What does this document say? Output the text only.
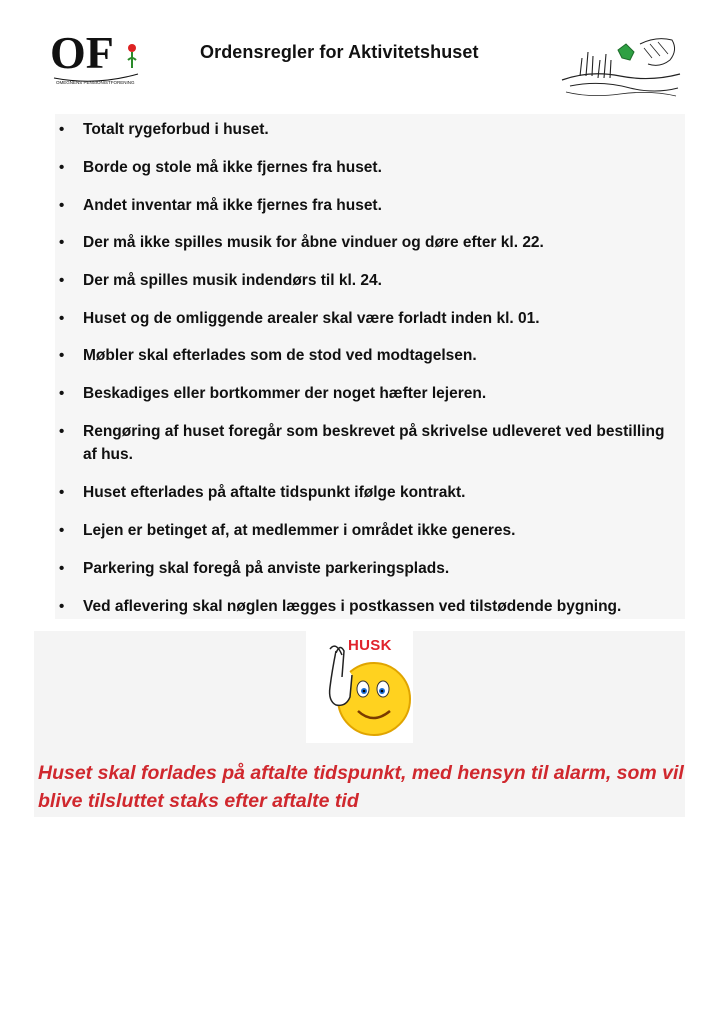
OF
OMEGNENS PENSIONISTFORENING
Ordensregler for Aktivitetshuset
• Totalt rygeforbud i huset.
• Borde og stole må ikke fjernes fra huset.
• Andet inventar må ikke fjernes fra huset.
• Der må ikke spilles musik for åbne vinduer og døre efter kl. 22.
• Der må spilles musik indendørs til kl. 24.
• Huset og de omliggende arealer skal være forladt inden kl. 01.
• Møbler skal efterlades som de stod ved modtagelsen.
• Beskadiges eller bortkommer der noget hæfter lejeren.
• Rengøring af huset foregår som beskrevet på skrivelse udleveret ved bestilling af hus.
• Huset efterlades på aftalte tidspunkt ifølge kontrakt.
• Lejen er betinget af, at medlemmer i området ikke generes.
• Parkering skal foregå på anviste parkeringsplads.
• Ved aflevering skal nøglen lægges i postkassen ved tilstødende bygning.
HUSK

Huset skal forlades på aftalte tidspunkt, med hensyn til alarm, som vil blive tilsluttet staks efter aftalte tid
